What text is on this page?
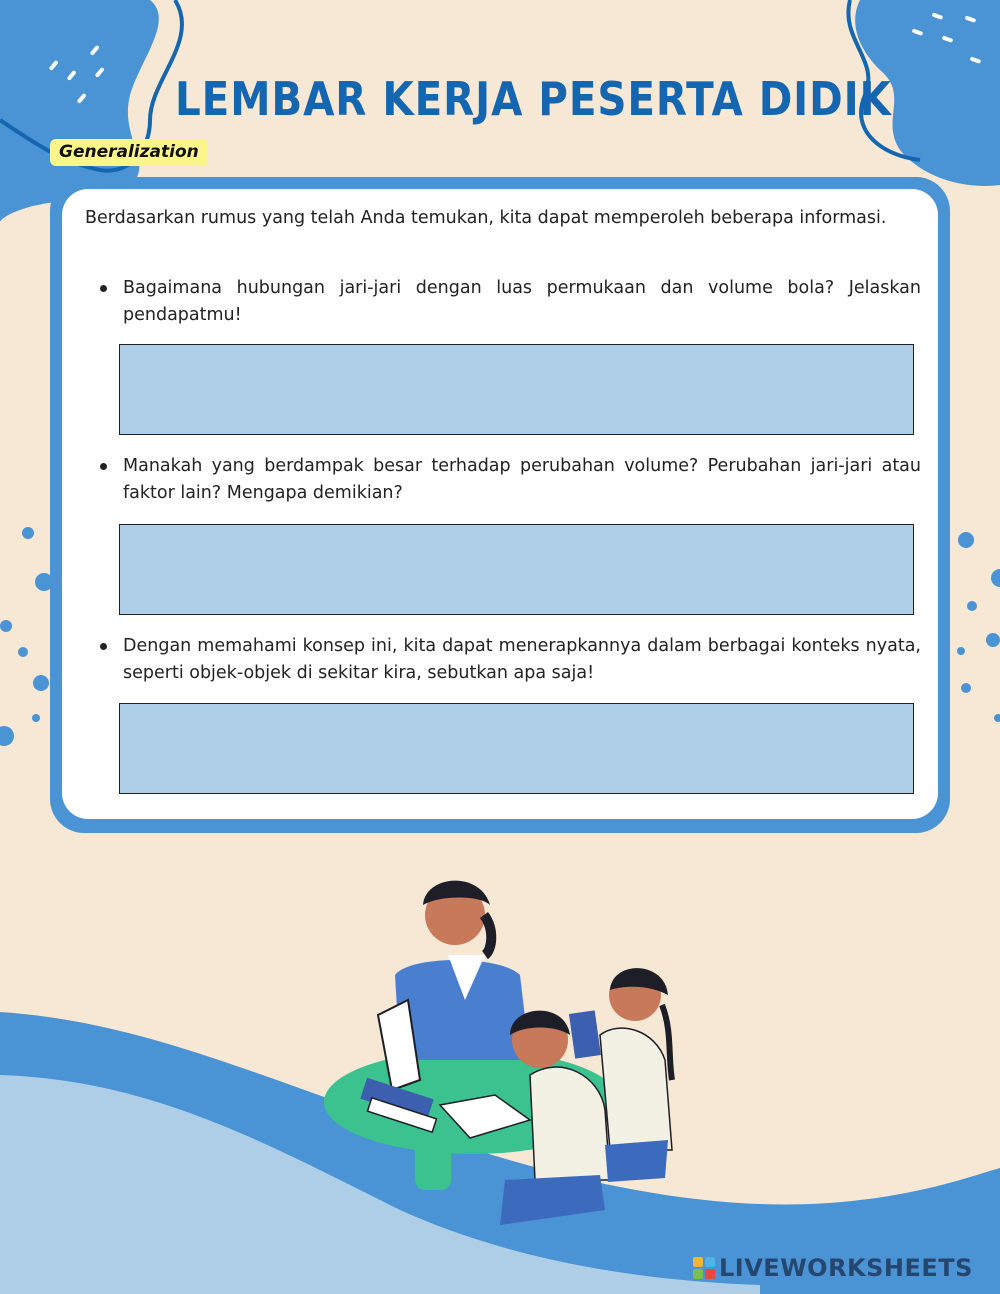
LEMBAR KERJA PESERTA DIDIK
Generalization
Berdasarkan rumus yang telah Anda temukan, kita dapat memperoleh beberapa informasi.
Bagaimana hubungan jari-jari dengan luas permukaan dan volume bola? Jelaskan pendapatmu!
Manakah yang berdampak besar terhadap perubahan volume? Perubahan jari-jari atau faktor lain? Mengapa demikian?
Dengan memahami konsep ini, kita dapat menerapkannya dalam berbagai konteks nyata, seperti objek-objek di sekitar kira, sebutkan apa saja!
LIVEWORKSHEETS
